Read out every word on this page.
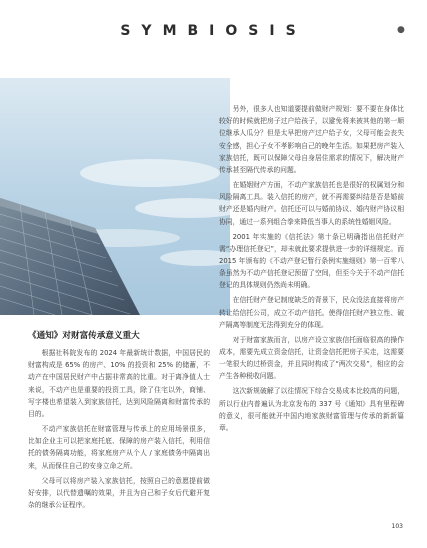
SYMBIOSIS	●

另外，很多人也知道要提前做财产规划：要不要在身体比较好的时候就把房子过户给孩子，以避免将来被其他的第一顺位继承人瓜分？但是太早把房产过户给子女，父母可能会丧失安全感，担心子女不孝影响自己的晚年生活。如果把房产装入家族信托，既可以保障父母自身居住需求的情况下，解决财产传承甚至隔代传承的问题。

在婚姻财产方面，不动产家族信托也是很好的权属划分和风险隔离工具。装入信托的房产，就不再需要纠结是否是婚前财产还是婚内财产。信托还可以与婚前协议、婚内财产协议相协同，通过一系列组合拳来降低当事人的系统性婚姻风险。

2001 年实施的《信托法》第十条已明确指出信托财产需“办理信托登记”，却未就此要求提供进一步的详细规定。而 2015 年颁布的《不动产登记暂行条例实施细则》第一百零八条虽然为不动产信托登记预留了空间，但至今关于不动产信托登记的具体规则仍然尚未明确。

在信托财产登记制度缺乏的背景下，民众没法直接将房产转让给信托公司，成立不动产信托。使得信托财产独立性、破产隔离等制度无法得到充分的体现。

对于财富家族而言，以房产设立家族信托面临很高的操作成本，需要先成立资金信托，让资金信托把房子买走，这需要一笔很大的过桥资金，并且同时构成了“两次交易”，相应的会产生各种税收问题。

这次新规破解了以往情况下综合交易成本比较高的问题，所以行业内普遍认为北京发布的 337 号《通知》具有里程碑的意义，很可能就开中国内地家族财富管理与传承的新新篇章。

《通知》对财富传承意义重大

根据社科院发布的 2024 年最新统计数据，中国居民的财富构成是 65% 的房产、10% 的投资和 25% 的储蓄，不动产在中国居民财产中占据非常高的比重。对于离净值人士来说，不动产也是重要的投资工具，除了住宅以外，商铺、写字楼也希望装入到家族信托，达到风险隔离和财富传承的目的。

不动产家族信托在财富管理与传承上的应用场景很多，比如企业主可以把家庭托底、保障的房产装入信托，利用信托的债务隔离功能，将家庭房产从个人 / 家庭债务中隔离出来，从而保住自己的安身立命之所。

父母可以将房产装入家族信托，按照自己的意愿提前做好安排，以代替遗嘱的效果，并且为自己和子女后代避开复杂的继承公证程序。

103
